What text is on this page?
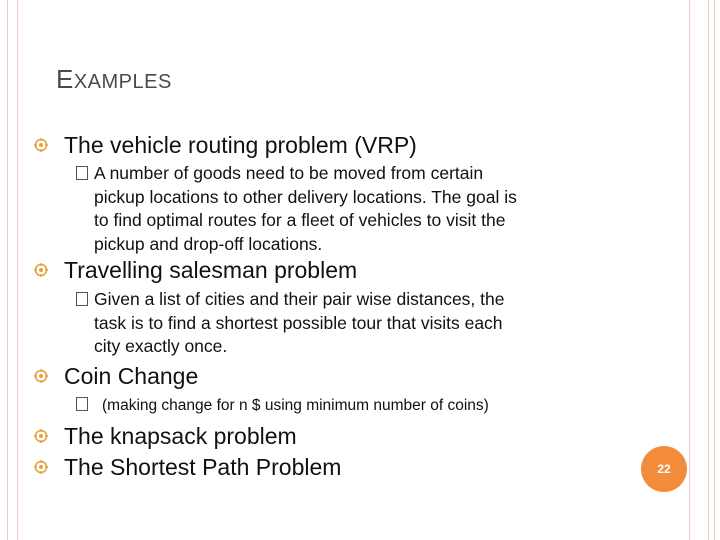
EXAMPLES
The vehicle routing problem (VRP)
A number of goods need to be moved from certain
pickup locations to other delivery locations. The goal is
to find optimal routes for a fleet of vehicles to visit the
pickup and drop-off locations.
Travelling salesman problem
Given a list of cities and their pair wise distances, the
task is to find a shortest possible tour that visits each
city exactly once.
Coin Change
(making change for n $ using minimum number of coins)
The knapsack problem
The Shortest Path Problem	22
